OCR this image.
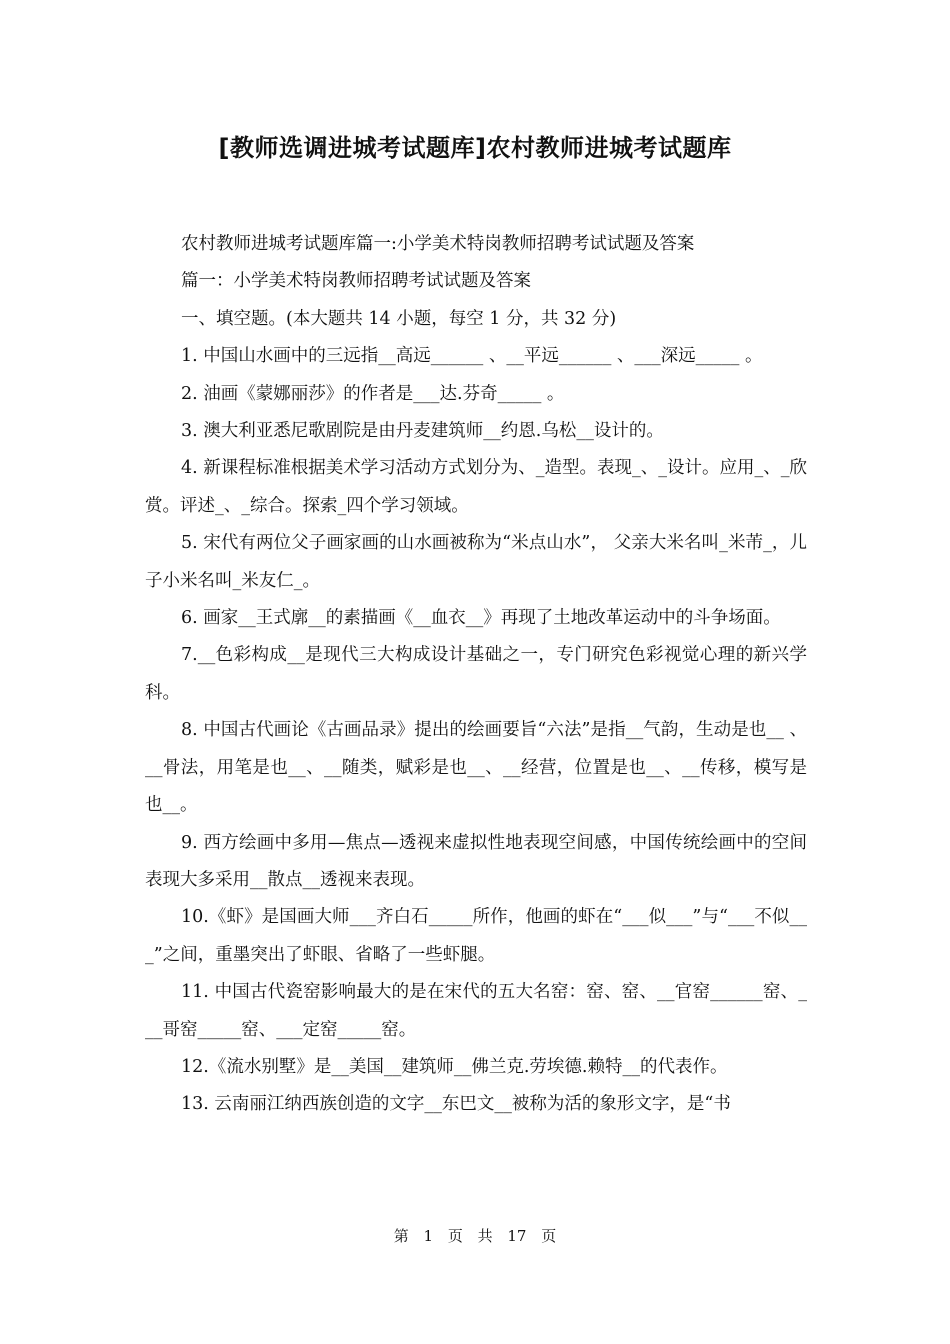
[教师选调进城考试题库]农村教师进城考试题库

农村教师进城考试题库篇一:小学美术特岗教师招聘考试试题及答案

篇一：小学美术特岗教师招聘考试试题及答案

一、填空题。(本大题共 14 小题，每空 1 分，共 32 分)

1. 中国山水画中的三远指__高远______ 、__平远______ 、___深远_____ 。

2. 油画《蒙娜丽莎》的作者是___达.芬奇_____ 。

3. 澳大利亚悉尼歌剧院是由丹麦建筑师__约恩.乌松__设计的。

4. 新课程标准根据美术学习活动方式划分为、_造型。表现_、_设计。应用_、_欣赏。评述_、_综合。探索_四个学习领域。

5. 宋代有两位父子画家画的山水画被称为“米点山水”， 父亲大米名叫_米芾_，儿子小米名叫_米友仁_。

6. 画家__王式廓__的素描画《__血衣__》再现了土地改革运动中的斗争场面。

7.__色彩构成__是现代三大构成设计基础之一，专门研究色彩视觉心理的新兴学科。

8. 中国古代画论《古画品录》提出的绘画要旨“六法”是指__气韵，生动是也__ 、__骨法，用笔是也__、__随类，赋彩是也__、__经营，位置是也__、__传移，模写是也__。

9. 西方绘画中多用—焦点—透视来虚拟性地表现空间感，中国传统绘画中的空间表现大多采用__散点__透视来表现。

10.《虾》是国画大师___齐白石_____所作，他画的虾在“___似___”与“___不似___”之间，重墨突出了虾眼、省略了一些虾腿。

11. 中国古代瓷窑影响最大的是在宋代的五大名窑：窑、窑、__官窑______窑、___哥窑_____窑、___定窑_____窑。

12.《流水别墅》是__美国__建筑师__佛兰克.劳埃德.赖特__的代表作。

13. 云南丽江纳西族创造的文字__东巴文__被称为活的象形文字，是“书

第 1 页 共 17 页
